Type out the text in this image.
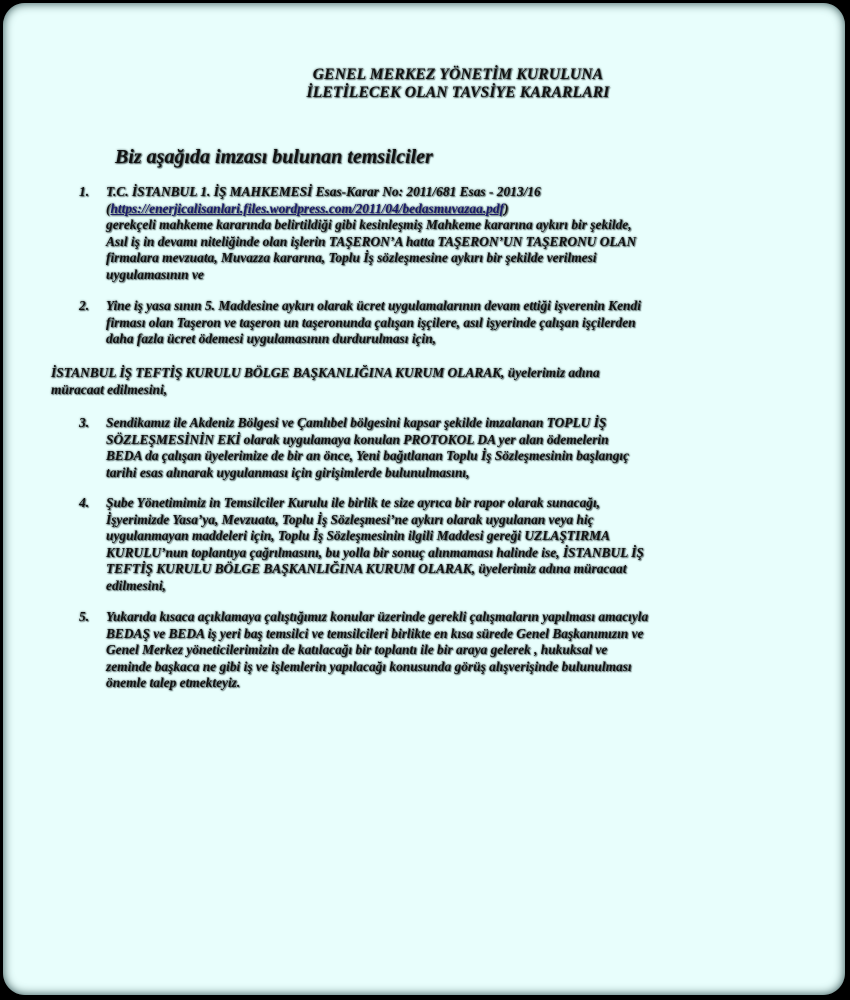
GENEL MERKEZ YÖNETİM KURULUNA
İLETİLECEK OLAN TAVSİYE KARARLARI
Biz aşağıda imzası bulunan temsilciler
1. T.C. İSTANBUL 1. İŞ MAHKEMESİ Esas-Karar No: 2011/681 Esas - 2013/16
(https://enerjicalisanlari.files.wordpress.com/2011/04/bedasmuvazaa.pdf)
gerekçeli mahkeme kararında belirtildiği gibi kesinleşmiş Mahkeme kararına aykırı bir şekilde,
Asıl iş in devamı niteliğinde olan işlerin TAŞERON’A hatta TAŞERON’UN TAŞERONU OLAN
firmalara mevzuata, Muvazza kararına, Toplu İş sözleşmesine aykırı bir şekilde verilmesi
uygulamasının ve
2. Yine iş yasa sının 5. Maddesine aykırı olarak ücret uygulamalarının devam ettiği işverenin Kendi
firması olan Taşeron ve taşeron un taşeronunda çalışan işçilere, asıl işyerinde çalışan işçilerden
daha fazla ücret ödemesi uygulamasının durdurulması için,
İSTANBUL İŞ TEFTİŞ KURULU BÖLGE BAŞKANLIĞINA KURUM OLARAK, üyelerimiz adına
müracaat edilmesini,
3. Sendikamız ile Akdeniz Bölgesi ve Çamlıbel bölgesini kapsar şekilde imzalanan TOPLU İŞ
SÖZLEŞMESİNİN EKİ olarak uygulamaya konulan PROTOKOL DA yer alan ödemelerin
BEDA da çalışan üyelerimize de bir an önce, Yeni bağıtlanan Toplu İş Sözleşmesinin başlangıç
tarihi esas alınarak uygulanması için girişimlerde bulunulmasını,
4. Şube Yönetimimiz in Temsilciler Kurulu ile birlik te size ayrıca bir rapor olarak sunacağı,
İşyerimizde Yasa’ya, Mevzuata, Toplu İş Sözleşmesi’ne aykırı olarak uygulanan veya hiç
uygulanmayan maddeleri için, Toplu İş Sözleşmesinin ilgili Maddesi gereği UZLAŞTIRMA
KURULU’nun toplantıya çağrılmasını, bu yolla bir sonuç alınmaması halinde ise, İSTANBUL İŞ
TEFTİŞ KURULU BÖLGE BAŞKANLIĞINA KURUM OLARAK, üyelerimiz adına müracaat
edilmesini,
5. Yukarıda kısaca açıklamaya çalıştığımız konular üzerinde gerekli çalışmaların yapılması amacıyla
BEDAŞ ve BEDA iş yeri baş temsilci ve temsilcileri birlikte en kısa sürede Genel Başkanımızın ve
Genel Merkez yöneticilerimizin de katılacağı bir toplantı ile bir araya gelerek , hukuksal ve
zeminde başkaca ne gibi iş ve işlemlerin yapılacağı konusunda görüş alışverişinde bulunulması
önemle talep etmekteyiz.
